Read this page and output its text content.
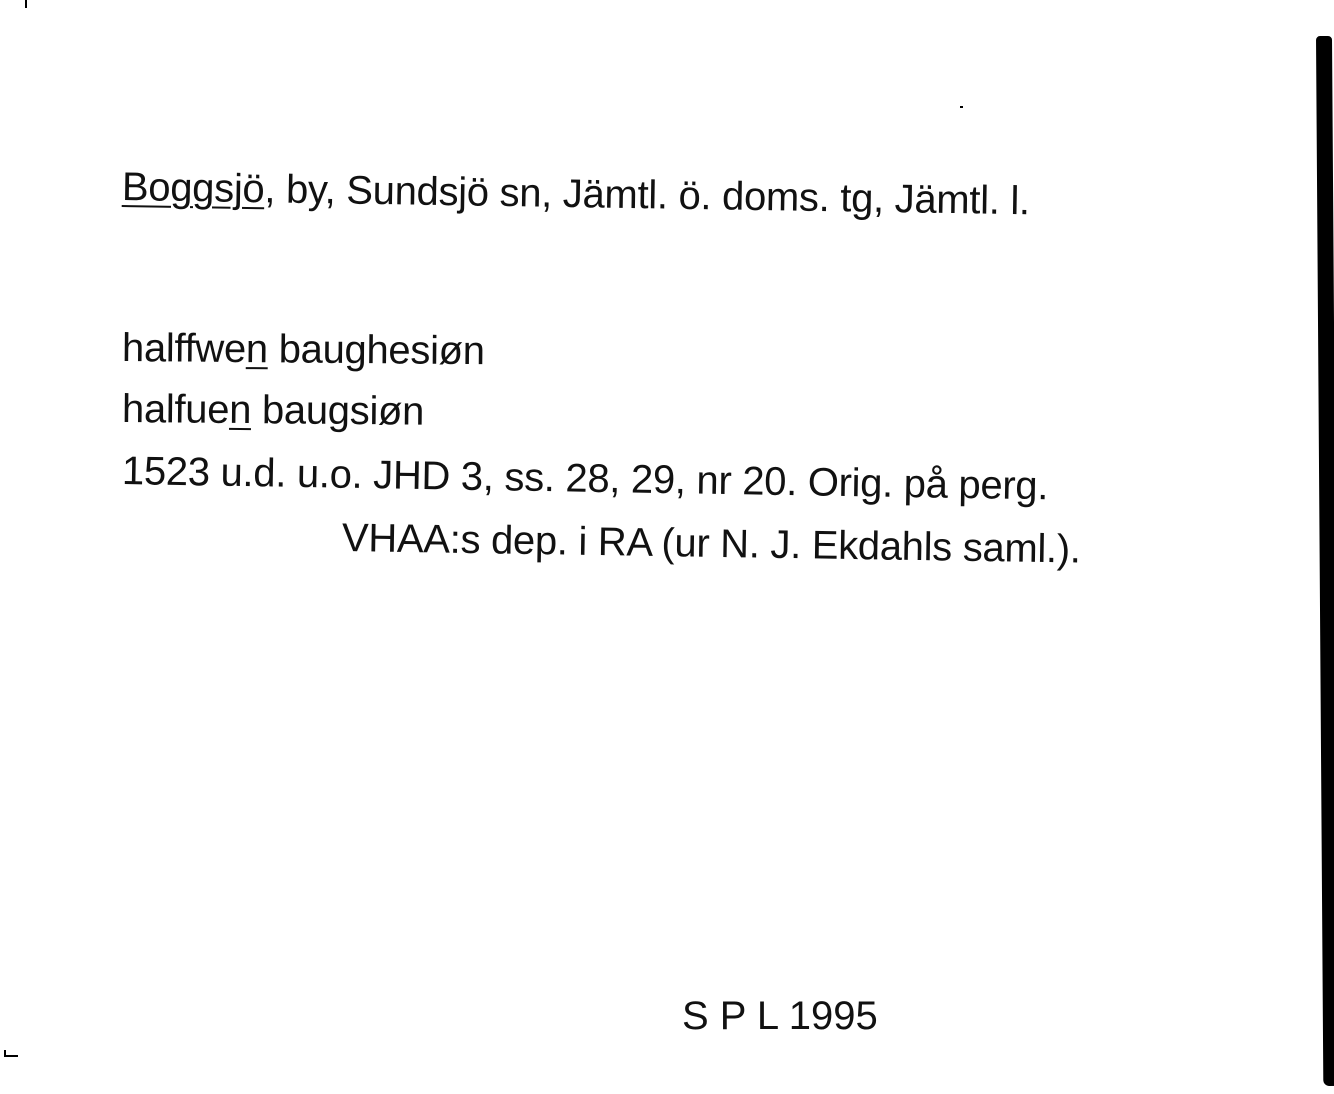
Boggsjö, by, Sundsjö sn, Jämtl. ö. doms. tg, Jämtl. l.
halffwen baughesiøn
halfuen baugsiøn
1523 u.d. u.o. JHD 3, ss. 28, 29, nr 20. Orig. på perg.
VHAA:s dep. i RA (ur N. J. Ekdahls saml.).
S P L 1995
